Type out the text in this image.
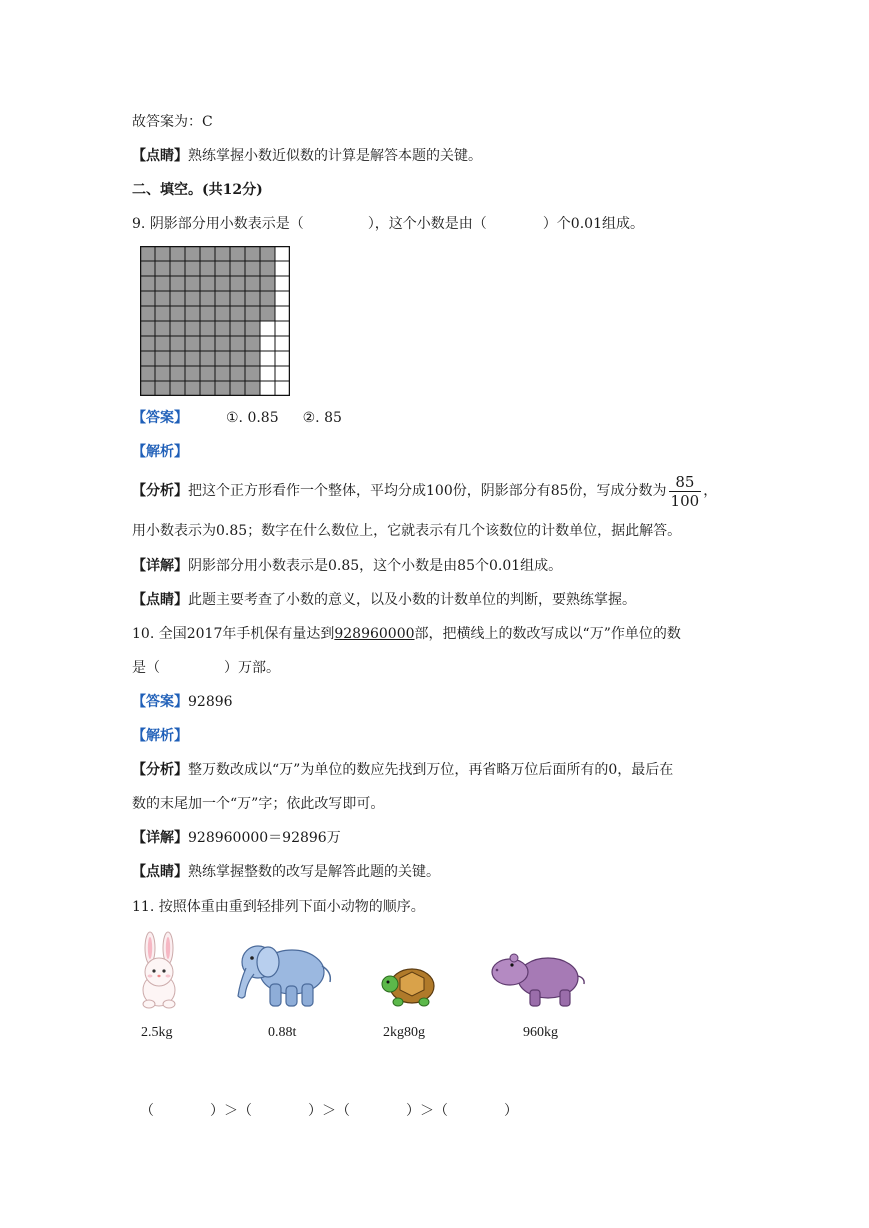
故答案为：C
【点睛】熟练掌握小数近似数的计算是解答本题的关键。
二、填空。(共12分)
9. 阴影部分用小数表示是（	），这个小数是由（	）个0.01组成。
【答案】	①. 0.85 ②. 85
【解析】
【分析】把这个正方形看作一个整体，平均分成100份，阴影部分有85份，写成分数为 $\frac{85}{100}$ ，
用小数表示为0.85；数字在什么数位上，它就表示有几个该数位的计数单位，据此解答。
【详解】阴影部分用小数表示是0.85，这个小数是由85个0.01组成。
【点睛】此题主要考查了小数的意义，以及小数的计数单位的判断，要熟练掌握。
10. 全国2017年手机保有量达到928960000部，把横线上的数改写成以“万”作单位的数
是（	）万部。
【答案】92896
【解析】
【分析】整万数改成以“万”为单位的数应先找到万位，再省略万位后面所有的0，最后在
数的末尾加一个“万”字；依此改写即可。
【详解】928960000＝92896万
【点睛】熟练掌握整数的改写是解答此题的关键。
11. 按照体重由重到轻排列下面小动物的顺序。
2.5kg	0.88t	2kg80g	960kg
（	）＞（	）＞（	）＞（	）
